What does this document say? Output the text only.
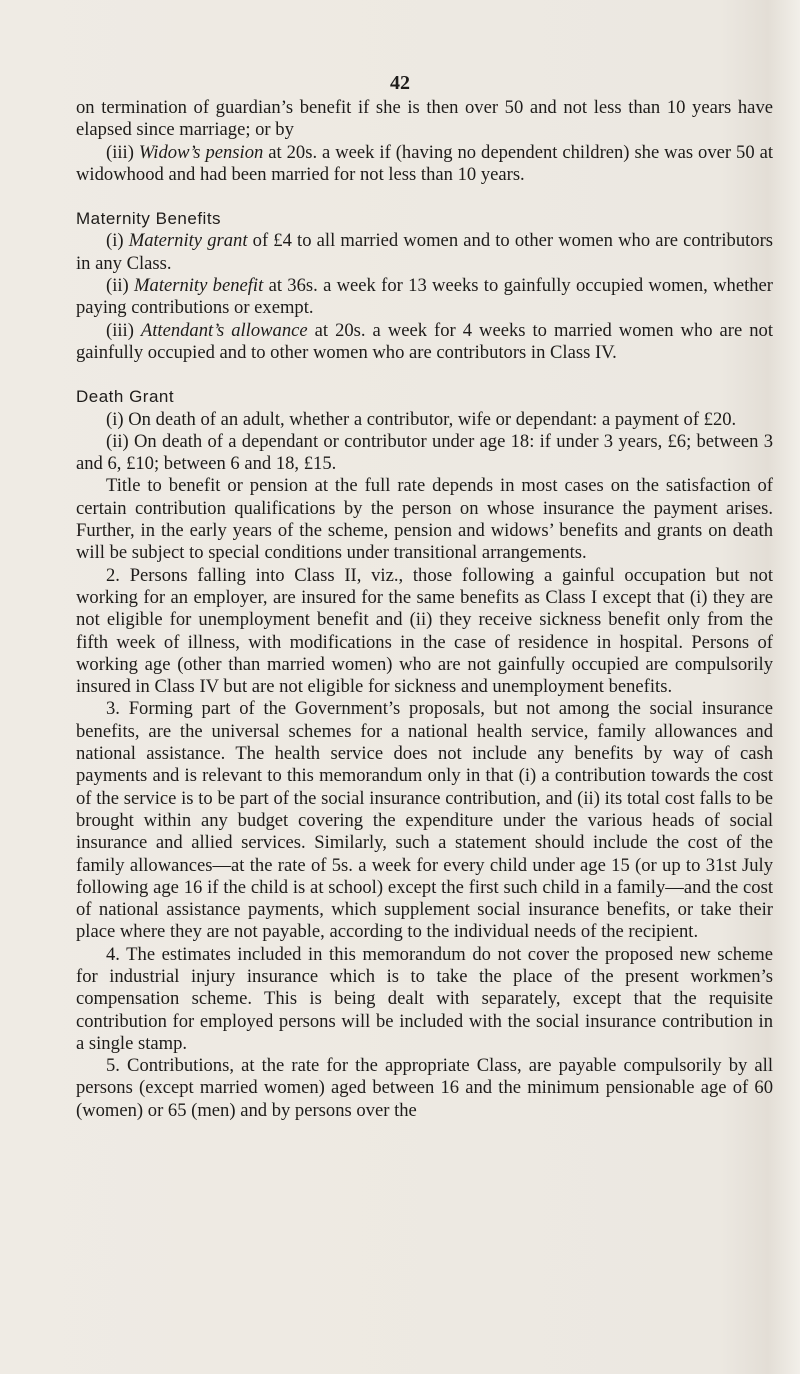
42

on termination of guardian’s benefit if she is then over 50 and not less than 10 years have elapsed since marriage; or by

(iii) Widow’s pension at 20s. a week if (having no dependent children) she was over 50 at widowhood and had been married for not less than 10 years.

Maternity Benefits

(i) Maternity grant of £4 to all married women and to other women who are contributors in any Class.

(ii) Maternity benefit at 36s. a week for 13 weeks to gainfully occupied women, whether paying contributions or exempt.

(iii) Attendant’s allowance at 20s. a week for 4 weeks to married women who are not gainfully occupied and to other women who are contributors in Class IV.

Death Grant

(i) On death of an adult, whether a contributor, wife or dependant: a payment of £20.

(ii) On death of a dependant or contributor under age 18: if under 3 years, £6; between 3 and 6, £10; between 6 and 18, £15.

Title to benefit or pension at the full rate depends in most cases on the satisfaction of certain contribution qualifications by the person on whose insurance the payment arises. Further, in the early years of the scheme, pension and widows’ benefits and grants on death will be subject to special conditions under transitional arrangements.

2. Persons falling into Class II, viz., those following a gainful occupation but not working for an employer, are insured for the same benefits as Class I except that (i) they are not eligible for unemployment benefit and (ii) they receive sickness benefit only from the fifth week of illness, with modifications in the case of residence in hospital. Persons of working age (other than married women) who are not gainfully occupied are compulsorily insured in Class IV but are not eligible for sickness and unemployment benefits.

3. Forming part of the Government’s proposals, but not among the social insurance benefits, are the universal schemes for a national health service, family allowances and national assistance. The health service does not include any benefits by way of cash payments and is relevant to this memorandum only in that (i) a contribution towards the cost of the service is to be part of the social insurance contribution, and (ii) its total cost falls to be brought within any budget covering the expenditure under the various heads of social insurance and allied services. Similarly, such a statement should include the cost of the family allowances—at the rate of 5s. a week for every child under age 15 (or up to 31st July following age 16 if the child is at school) except the first such child in a family—and the cost of national assistance payments, which supplement social insurance benefits, or take their place where they are not payable, according to the individual needs of the recipient.

4. The estimates included in this memorandum do not cover the proposed new scheme for industrial injury insurance which is to take the place of the present workmen’s compensation scheme. This is being dealt with separately, except that the requisite contribution for employed persons will be included with the social insurance contribution in a single stamp.

5. Contributions, at the rate for the appropriate Class, are payable compulsorily by all persons (except married women) aged between 16 and the minimum pensionable age of 60 (women) or 65 (men) and by persons over the
